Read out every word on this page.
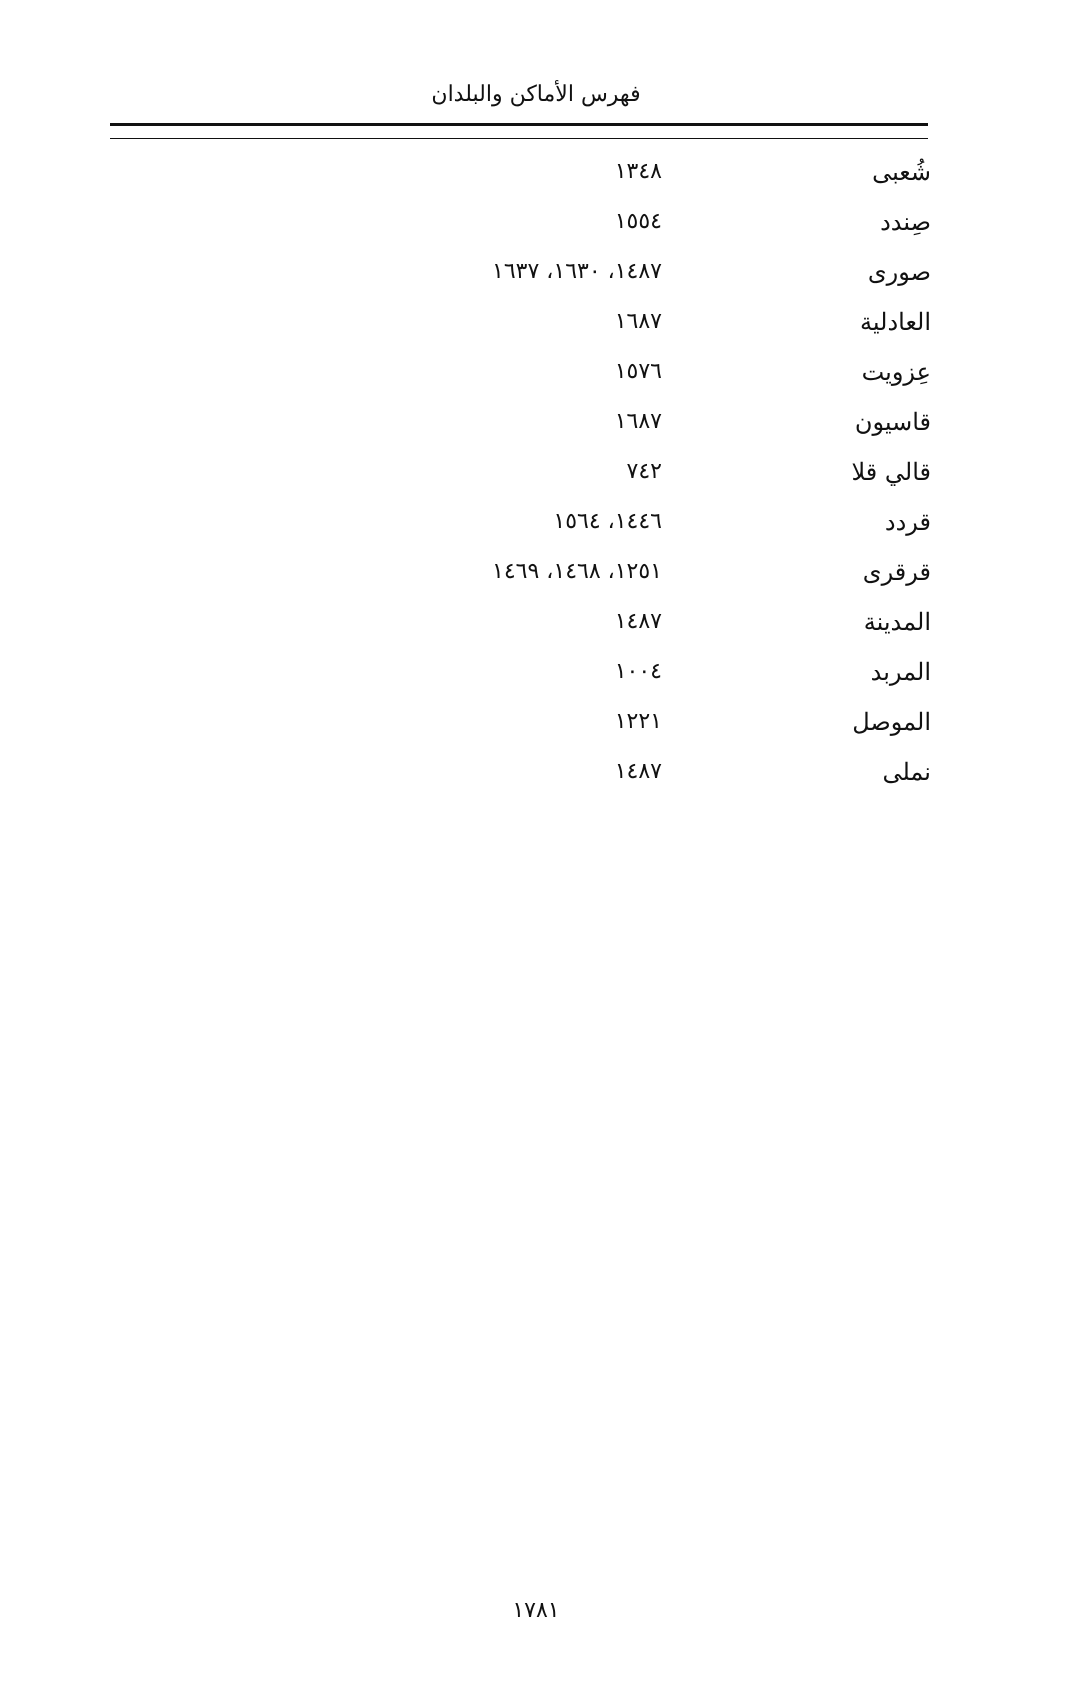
فهرس الأماكن والبلدان
شُعبى
١٣٤٨
صِندد
١٥٥٤
صورى
١٤٨٧، ١٦٣٠، ١٦٣٧
العادلية
١٦٨٧
عِزويت
١٥٧٦
قاسيون
١٦٨٧
قالي قلا
٧٤٢
قردد
١٤٤٦، ١٥٦٤
قرقرى
١٢٥١، ١٤٦٨، ١٤٦٩
المدينة
١٤٨٧
المربد
١٠٠٤
الموصل
١٢٢١
نملى
١٤٨٧
١٧٨١
